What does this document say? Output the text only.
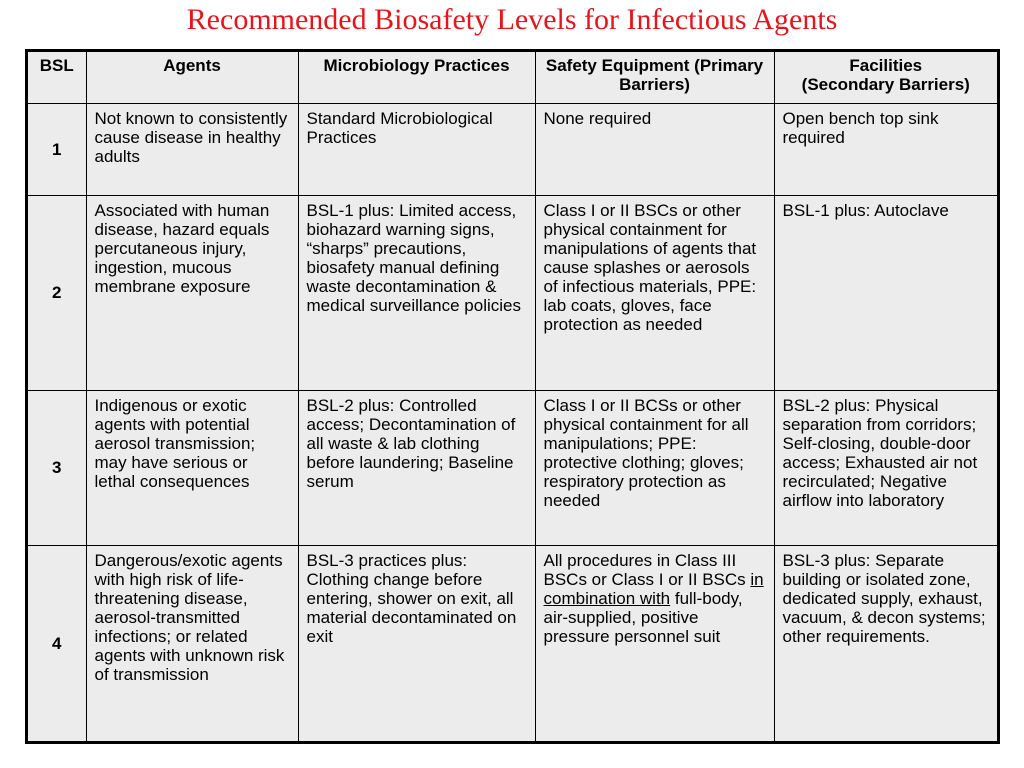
Recommended Biosafety Levels for Infectious Agents
BSL	Agents	Microbiology Practices	Safety Equipment (Primary Barriers)	Facilities
(Secondary Barriers)
1	Not known to consistently cause disease in healthy adults	Standard Microbiological Practices	None required	Open bench top sink required
2	Associated with human disease, hazard equals percutaneous injury, ingestion, mucous membrane exposure	BSL-1 plus: Limited access, biohazard warning signs, “sharps” precautions, biosafety manual defining waste decontamination & medical surveillance policies	Class I or II BSCs or other physical containment for manipulations of agents that cause splashes or aerosols of infectious materials, PPE: lab coats, gloves, face protection as needed	BSL-1 plus: Autoclave
3	Indigenous or exotic agents with potential aerosol transmission; may have serious or lethal consequences	BSL-2 plus: Controlled access; Decontamination of all waste & lab clothing before laundering; Baseline serum	Class I or II BCSs or other physical containment for all manipulations; PPE: protective clothing; gloves; respiratory protection as needed	BSL-2 plus: Physical separation from corridors; Self-closing, double-door access; Exhausted air not recirculated; Negative airflow into laboratory
4	Dangerous/exotic agents with high risk of life-threatening disease, aerosol-transmitted infections; or related agents with unknown risk of transmission	BSL-3 practices plus: Clothing change before entering, shower on exit, all material decontaminated on exit	All procedures in Class III BSCs or Class I or II BSCs in combination with full-body, air-supplied, positive pressure personnel suit	BSL-3 plus: Separate building or isolated zone, dedicated supply, exhaust, vacuum, & decon systems; other requirements.
